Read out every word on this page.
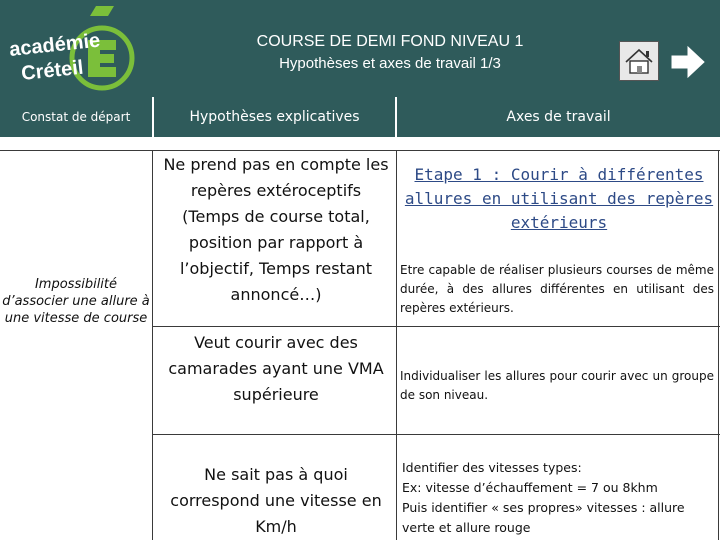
académie
Créteil
COURSE DE DEMI FOND NIVEAU 1
Hypothèses et axes de travail 1/3
Constat de départ	Hypothèses explicatives	Axes de travail
Impossibilité d’associer une allure à une vitesse de course
Ne prend pas en compte les repères extéroceptifs (Temps de course total, position par rapport à l’objectif, Temps restant annoncé…)
Veut courir avec des camarades ayant une VMA supérieure
Ne sait pas à quoi correspond une vitesse en Km/h
Etape 1 : Courir à différentes allures en utilisant des repères extérieurs
Etre capable de réaliser plusieurs courses de même durée, à des allures différentes en utilisant des repères extérieurs.
Individualiser les allures pour courir avec un groupe de son niveau.
Identifier des vitesses types:
Ex: vitesse d’échauffement = 7 ou 8khm
Puis identifier « ses propres» vitesses : allure verte et allure rouge
